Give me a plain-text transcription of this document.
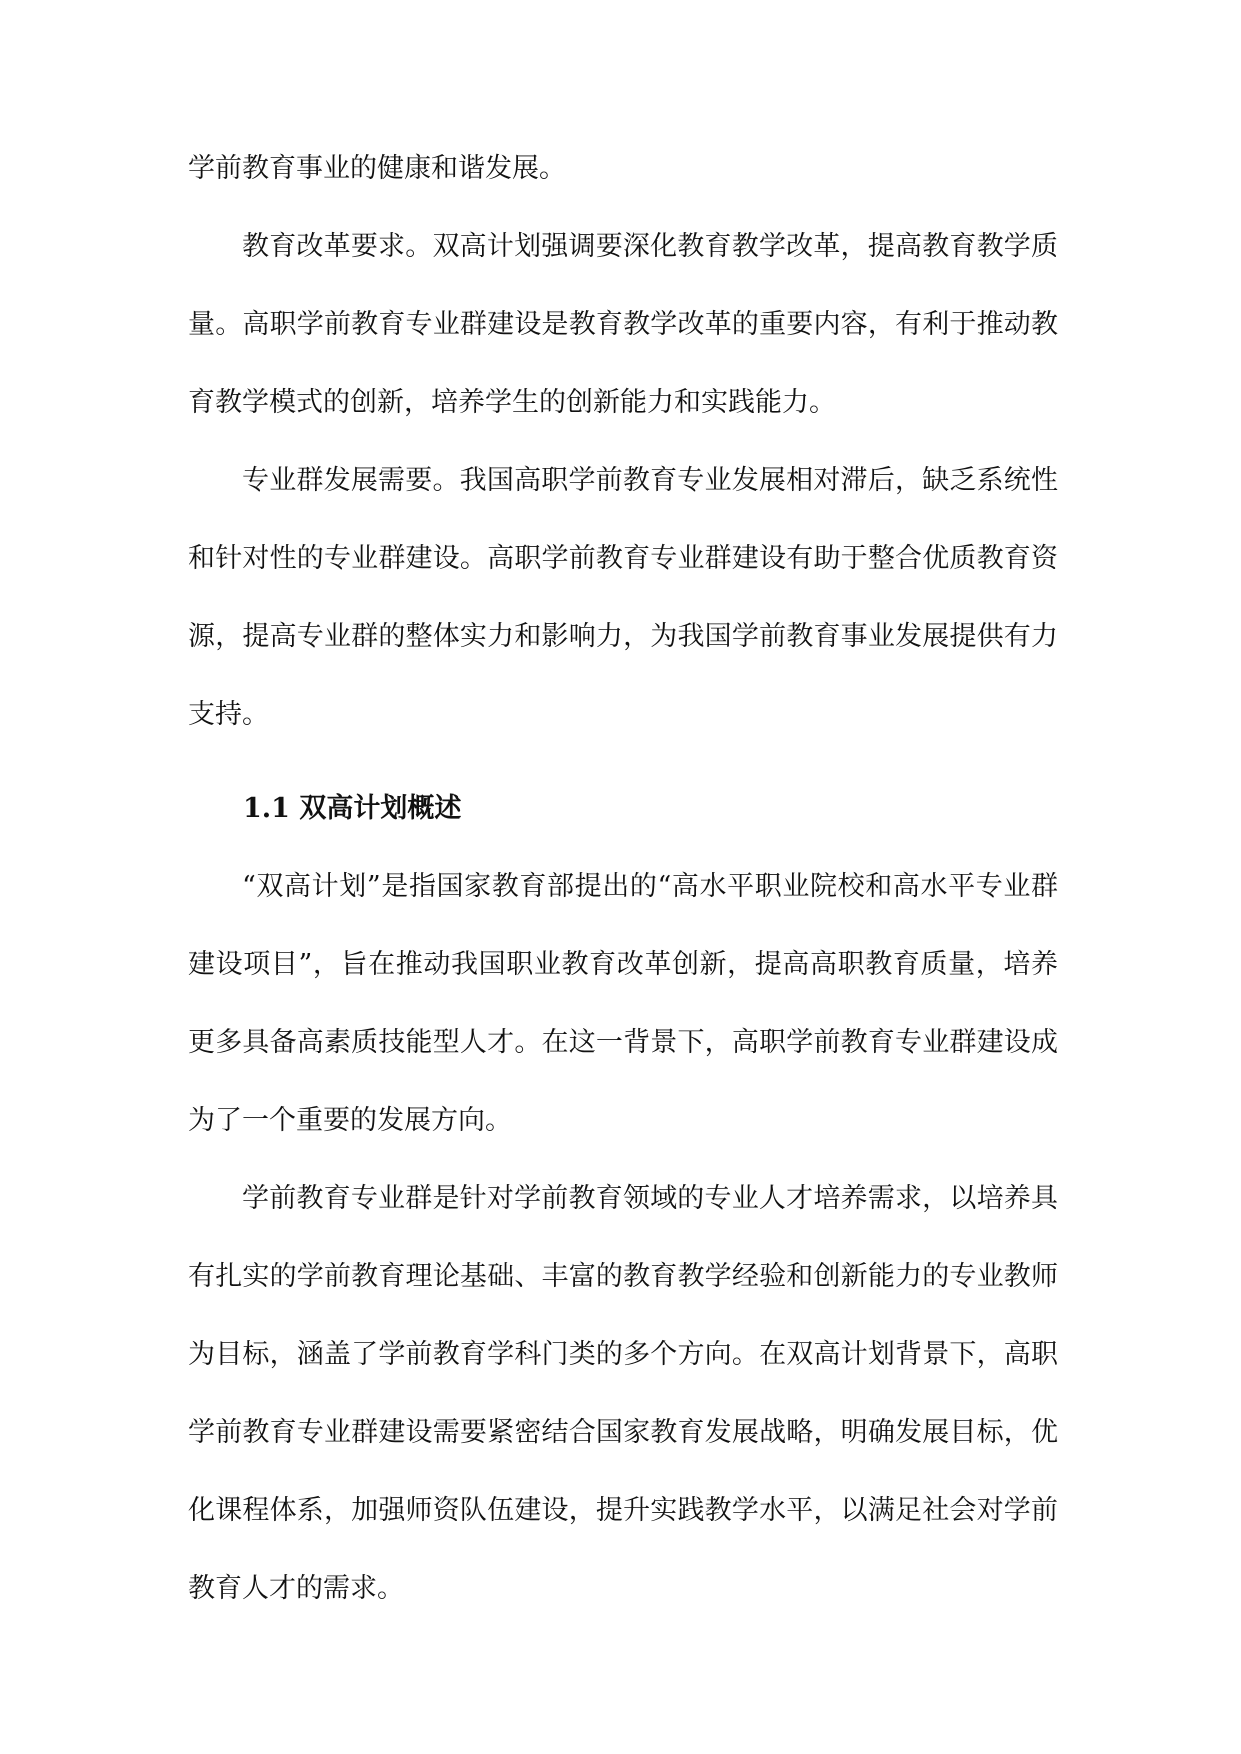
学前教育事业的健康和谐发展。

教育改革要求。双高计划强调要深化教育教学改革，提高教育教学质量。高职学前教育专业群建设是教育教学改革的重要内容，有利于推动教育教学模式的创新，培养学生的创新能力和实践能力。

专业群发展需要。我国高职学前教育专业发展相对滞后，缺乏系统性和针对性的专业群建设。高职学前教育专业群建设有助于整合优质教育资源，提高专业群的整体实力和影响力，为我国学前教育事业发展提供有力支持。

1.1 双高计划概述

“双高计划”是指国家教育部提出的“高水平职业院校和高水平专业群建设项目”，旨在推动我国职业教育改革创新，提高高职教育质量，培养更多具备高素质技能型人才。在这一背景下，高职学前教育专业群建设成为了一个重要的发展方向。

学前教育专业群是针对学前教育领域的专业人才培养需求，以培养具有扎实的学前教育理论基础、丰富的教育教学经验和创新能力的专业教师为目标，涵盖了学前教育学科门类的多个方向。在双高计划背景下，高职学前教育专业群建设需要紧密结合国家教育发展战略，明确发展目标，优化课程体系，加强师资队伍建设，提升实践教学水平，以满足社会对学前教育人才的需求。
